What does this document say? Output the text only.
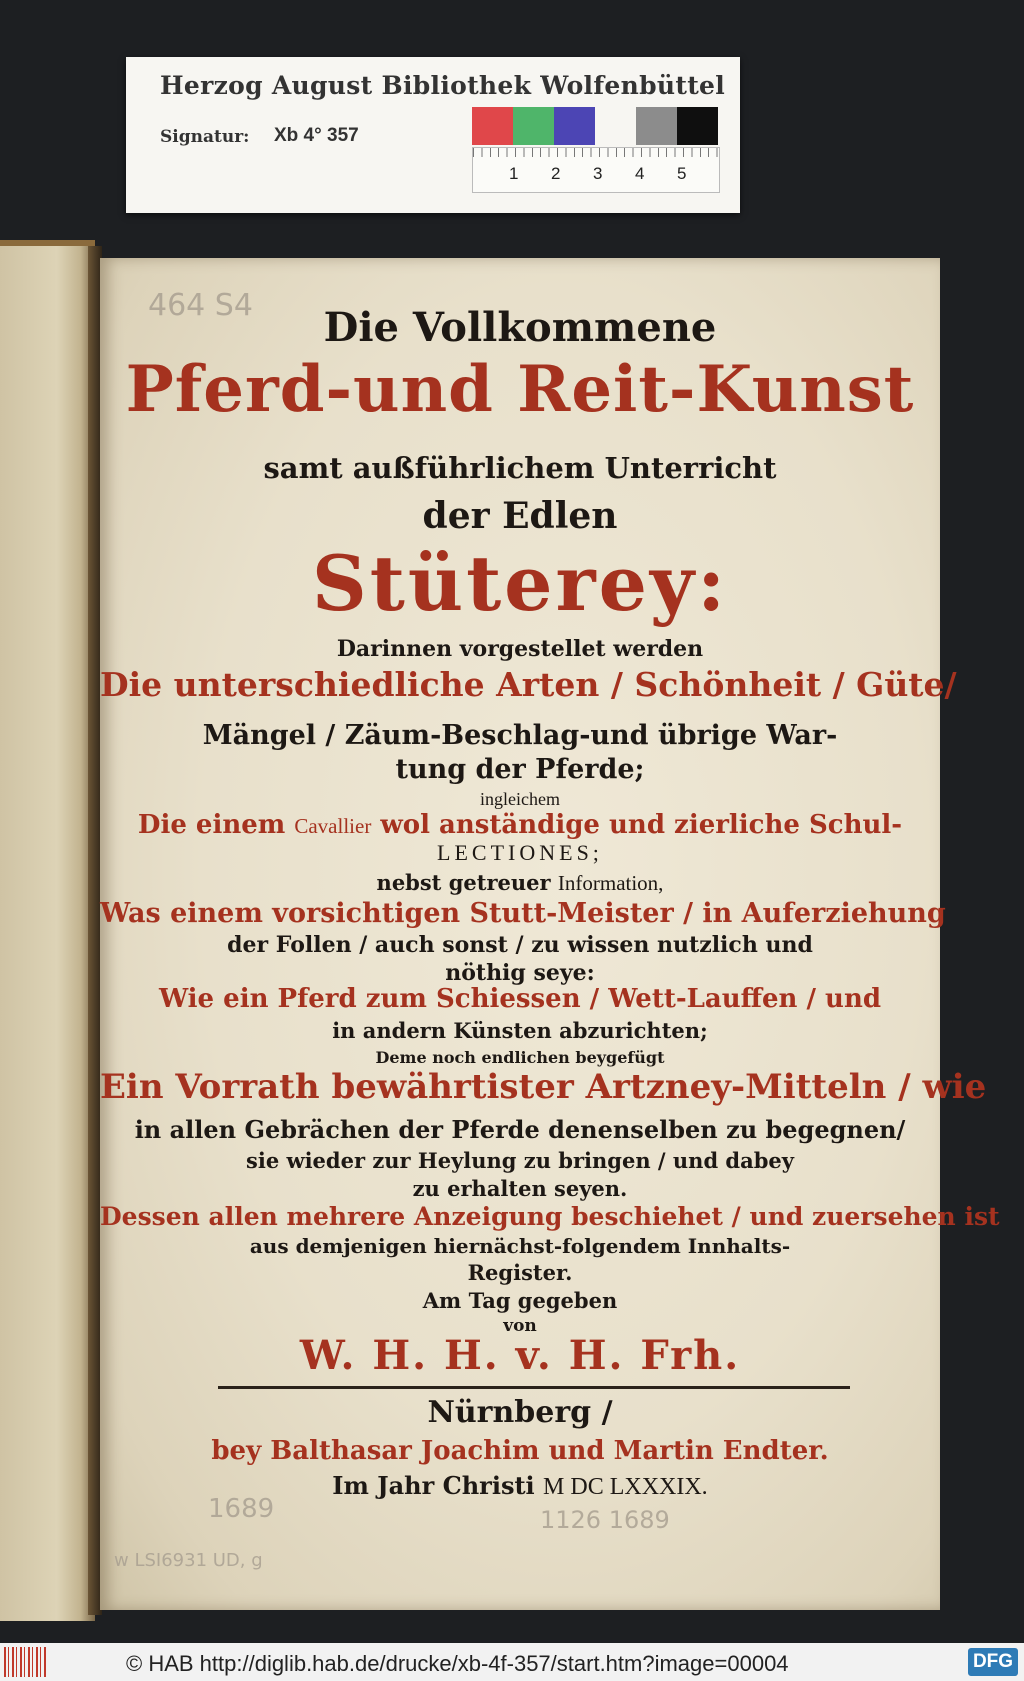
Herzog August Bibliothek Wolfenbüttel
Signatur: Xb 4° 357
1 2 3 4 5
464 S4	Die Vollkommene
Pferd-und Reit-Kunst
samt außführlichem Unterricht
der Edlen
Stüterey:
Darinnen vorgestellet werden
Die unterschiedliche Arten / Schönheit / Güte/
Mängel / Zäum-Beschlag-und übrige War-
tung der Pferde;
ingleichem
Die einem Cavallier wol anständige und zierliche Schul-
LECTIONES;
nebst getreuer Information,
Was einem vorsichtigen Stutt-Meister / in Auferziehung
der Follen / auch sonst / zu wissen nutzlich und
nöthig seye:
Wie ein Pferd zum Schiessen / Wett-Lauffen / und
in andern Künsten abzurichten;
Deme noch endlichen beygefügt
Ein Vorrath bewährtister Artzney-Mitteln / wie
in allen Gebrächen der Pferde denenselben zu begegnen/
sie wieder zur Heylung zu bringen / und dabey
zu erhalten seyen.
Dessen allen mehrere Anzeigung beschiehet / und zuersehen ist
aus demjenigen hiernächst-folgendem Innhalts-
Register.
Am Tag gegeben
von
W. H. H. v. H. Frh.
Nürnberg /
bey Balthasar Joachim und Martin Endter.
Im Jahr Christi M DC LXXXIX.
1689	1126 1689
w LSI6931 UD, g
© HAB http://diglib.hab.de/drucke/xb-4f-357/start.htm?image=00004	DFG
